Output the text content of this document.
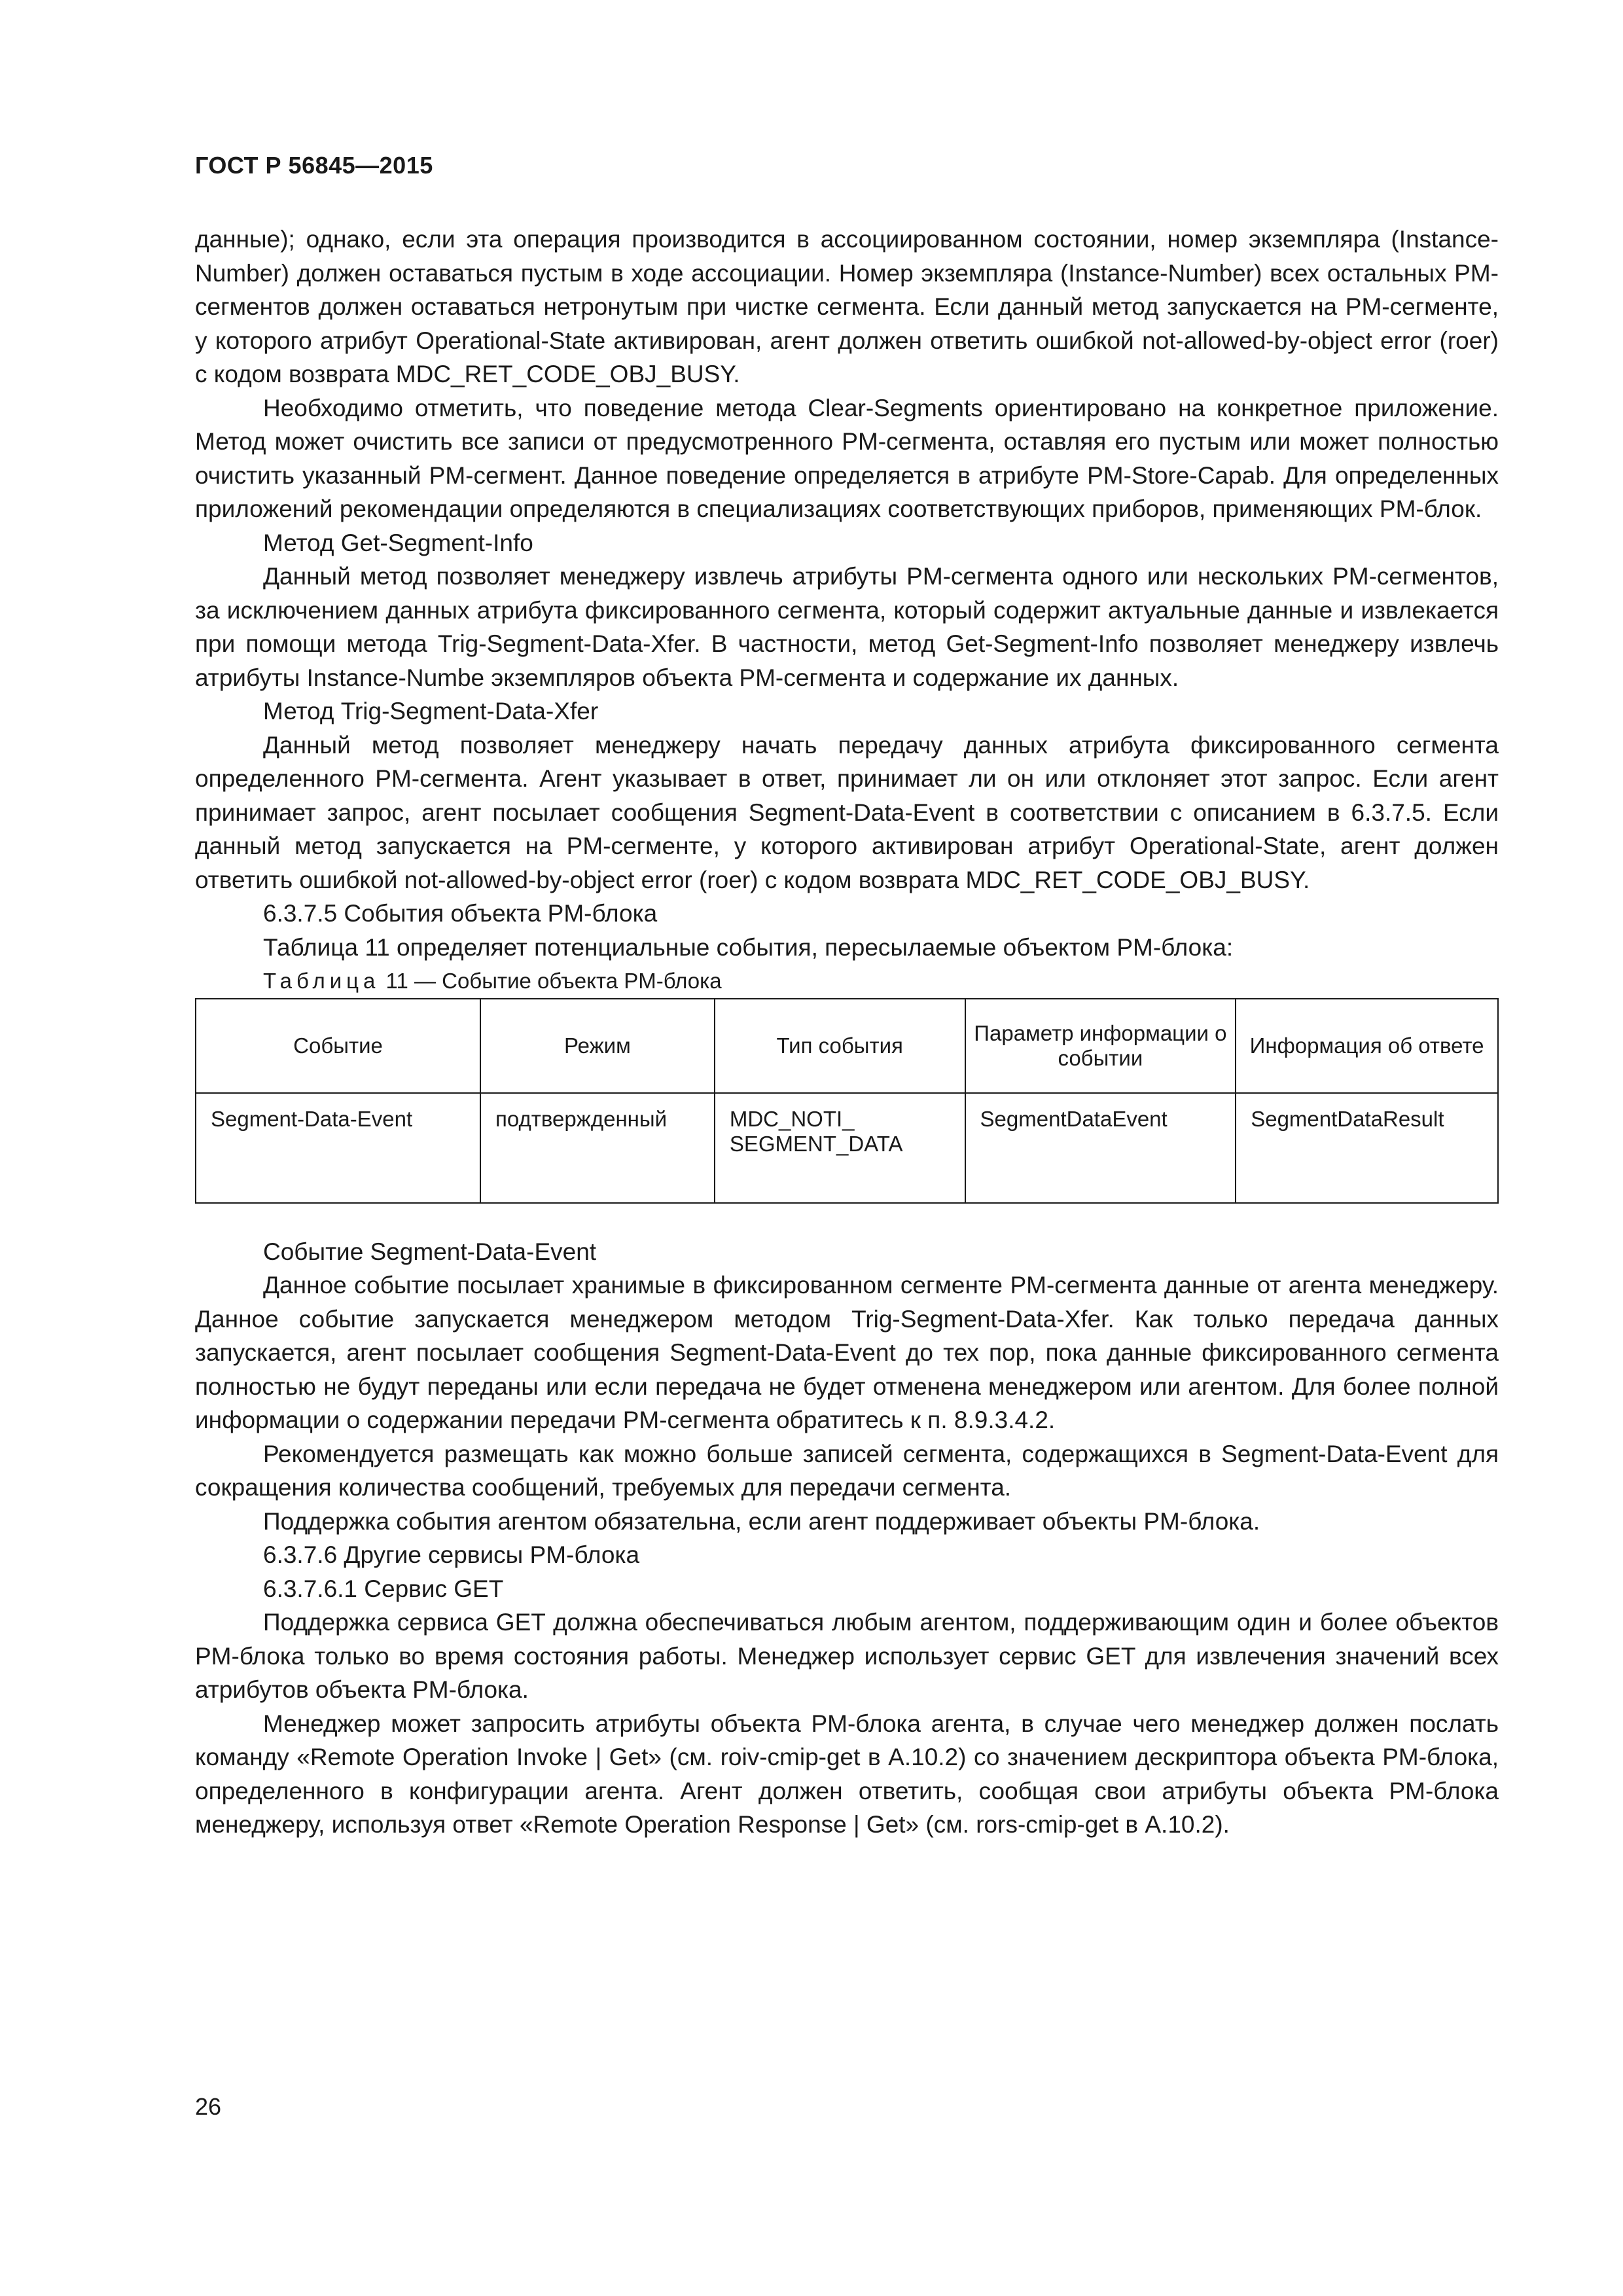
ГОСТ Р 56845—2015

данные); однако, если эта операция производится в ассоциированном состоянии, номер экземпляра (Instance-Number) должен оставаться пустым в ходе ассоциации. Номер экземпляра (Instance-Number) всех остальных PM-сегментов должен оставаться нетронутым при чистке сегмента. Если данный метод запускается на PM-сегменте, у которого атрибут Operational-State активирован, агент должен ответить ошибкой not-allowed-by-object error (roer) с кодом возврата MDC_RET_CODE_OBJ_BUSY.

Необходимо отметить, что поведение метода Clear-Segments ориентировано на конкретное приложение. Метод может очистить все записи от предусмотренного PM-сегмента, оставляя его пустым или может полностью очистить указанный PM-сегмент. Данное поведение определяется в атрибуте PM-Store-Capab. Для определенных приложений рекомендации определяются в специализациях соответствующих приборов, применяющих PM-блок.

Метод Get-Segment-Info

Данный метод позволяет менеджеру извлечь атрибуты PM-сегмента одного или нескольких PM-сегментов, за исключением данных атрибута фиксированного сегмента, который содержит актуальные данные и извлекается при помощи метода Trig-Segment-Data-Xfer. В частности, метод Get-Segment-Info позволяет менеджеру извлечь атрибуты Instance-Numbe экземпляров объекта PM-сегмента и содержание их данных.

Метод Trig-Segment-Data-Xfer

Данный метод позволяет менеджеру начать передачу данных атрибута фиксированного сегмента определенного PM-сегмента. Агент указывает в ответ, принимает ли он или отклоняет этот запрос. Если агент принимает запрос, агент посылает сообщения Segment-Data-Event в соответствии с описанием в 6.3.7.5. Если данный метод запускается на PM-сегменте, у которого активирован атрибут Operational-State, агент должен ответить ошибкой not-allowed-by-object error (roer) с кодом возврата MDC_RET_CODE_OBJ_BUSY.

6.3.7.5 События объекта PM-блока

Таблица 11 определяет потенциальные события, пересылаемые объектом PM-блока:

Таблица 11 — Событие объекта PM-блока

Событие	Режим	Тип события	Параметр информации о событии	Информация об ответе
Segment-Data-Event	подтвержденный	MDC_NOTI_ SEGMENT_DATA	SegmentDataEvent	SegmentDataResult

Событие Segment-Data-Event

Данное событие посылает хранимые в фиксированном сегменте PM-сегмента данные от агента менеджеру. Данное событие запускается менеджером методом Trig-Segment-Data-Xfer. Как только передача данных запускается, агент посылает сообщения Segment-Data-Event до тех пор, пока данные фиксированного сегмента полностью не будут переданы или если передача не будет отменена менеджером или агентом. Для более полной информации о содержании передачи PM-сегмента обратитесь к п. 8.9.3.4.2.

Рекомендуется размещать как можно больше записей сегмента, содержащихся в Segment-Data-Event для сокращения количества сообщений, требуемых для передачи сегмента.

Поддержка события агентом обязательна, если агент поддерживает объекты PM-блока.

6.3.7.6 Другие сервисы PM-блока

6.3.7.6.1 Сервис GET

Поддержка сервиса GET должна обеспечиваться любым агентом, поддерживающим один и более объектов PM-блока только во время состояния работы. Менеджер использует сервис GET для извлечения значений всех атрибутов объекта PM-блока.

Менеджер может запросить атрибуты объекта PM-блока агента, в случае чего менеджер должен послать команду «Remote Operation Invoke | Get» (см. roiv-cmip-get в А.10.2) со значением дескриптора объекта PM-блока, определенного в конфигурации агента. Агент должен ответить, сообщая свои атрибуты объекта PM-блока менеджеру, используя ответ «Remote Operation Response | Get» (см. rors-cmip-get в А.10.2).

26
